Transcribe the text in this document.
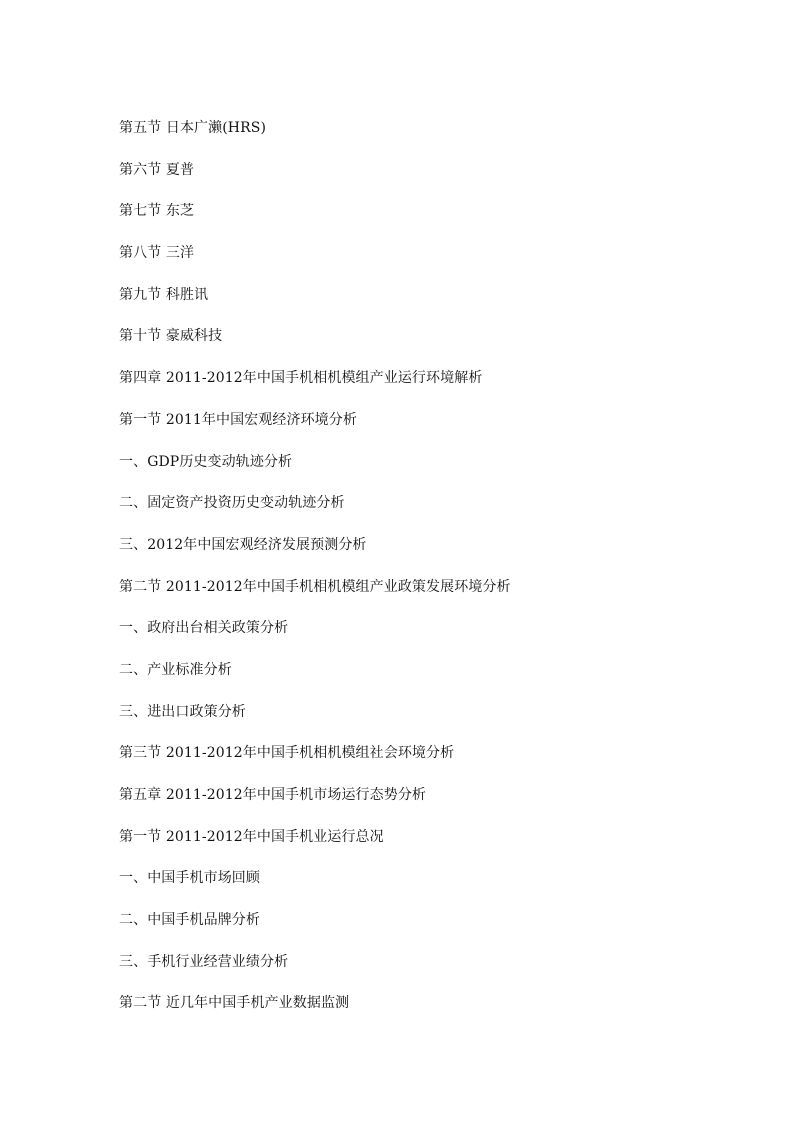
第五节 日本广濑(HRS)
第六节 夏普
第七节 东芝
第八节 三洋
第九节 科胜讯
第十节 豪威科技
第四章 2011-2012年中国手机相机模组产业运行环境解析
第一节 2011年中国宏观经济环境分析
一、GDP历史变动轨迹分析
二、固定资产投资历史变动轨迹分析
三、2012年中国宏观经济发展预测分析
第二节 2011-2012年中国手机相机模组产业政策发展环境分析
一、政府出台相关政策分析
二、产业标准分析
三、进出口政策分析
第三节 2011-2012年中国手机相机模组社会环境分析
第五章 2011-2012年中国手机市场运行态势分析
第一节 2011-2012年中国手机业运行总况
一、中国手机市场回顾
二、中国手机品牌分析
三、手机行业经营业绩分析
第二节 近几年中国手机产业数据监测
